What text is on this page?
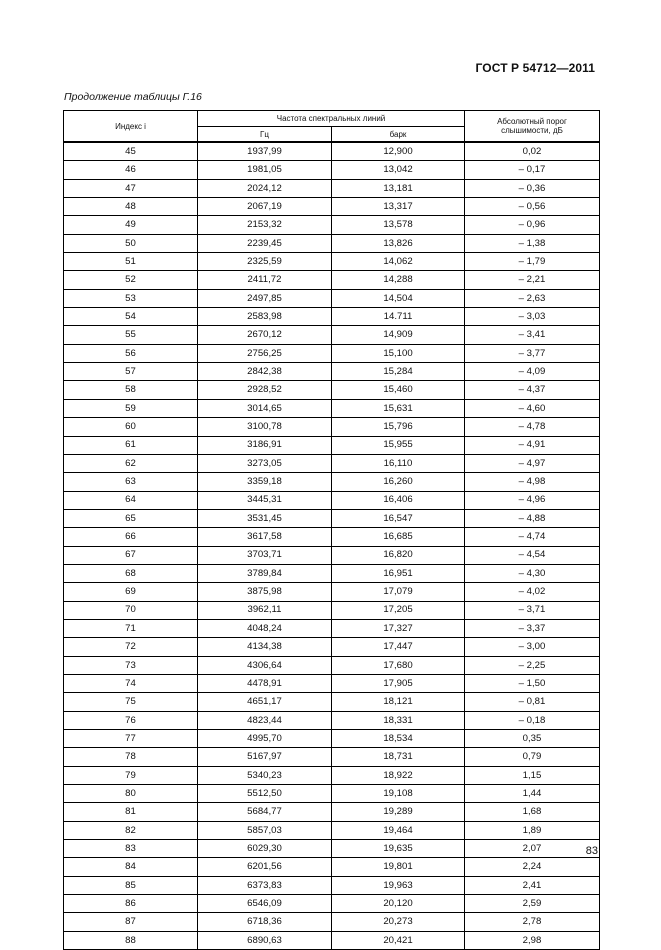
ГОСТ Р 54712—2011
Продолжение таблицы Г.16
Индекс i	Частота спектральных линий		Абсолютный порог слышимости, дБ
	Гц	барк	
45	1937,99	12,900	0,02
46	1981,05	13,042	– 0,17
47	2024,12	13,181	– 0,36
48	2067,19	13,317	– 0,56
49	2153,32	13,578	– 0,96
50	2239,45	13,826	– 1,38
51	2325,59	14,062	– 1,79
52	2411,72	14,288	– 2,21
53	2497,85	14,504	– 2,63
54	2583,98	14.711	– 3,03
55	2670,12	14,909	– 3,41
56	2756,25	15,100	– 3,77
57	2842,38	15,284	– 4,09
58	2928,52	15,460	– 4,37
59	3014,65	15,631	– 4,60
60	3100,78	15,796	– 4,78
61	3186,91	15,955	– 4,91
62	3273,05	16,110	– 4,97
63	3359,18	16,260	– 4,98
64	3445,31	16,406	– 4,96
65	3531,45	16,547	– 4,88
66	3617,58	16,685	– 4,74
67	3703,71	16,820	– 4,54
68	3789,84	16,951	– 4,30
69	3875,98	17,079	– 4,02
70	3962,11	17,205	– 3,71
71	4048,24	17,327	– 3,37
72	4134,38	17,447	– 3,00
73	4306,64	17,680	– 2,25
74	4478,91	17,905	– 1,50
75	4651,17	18,121	– 0,81
76	4823,44	18,331	– 0,18
77	4995,70	18,534	0,35
78	5167,97	18,731	0,79
79	5340,23	18,922	1,15
80	5512,50	19,108	1,44
81	5684,77	19,289	1,68
82	5857,03	19,464	1,89
83	6029,30	19,635	2,07
84	6201,56	19,801	2,24
85	6373,83	19,963	2,41
86	6546,09	20,120	2,59
87	6718,36	20,273	2,78
88	6890,63	20,421	2,98
83
